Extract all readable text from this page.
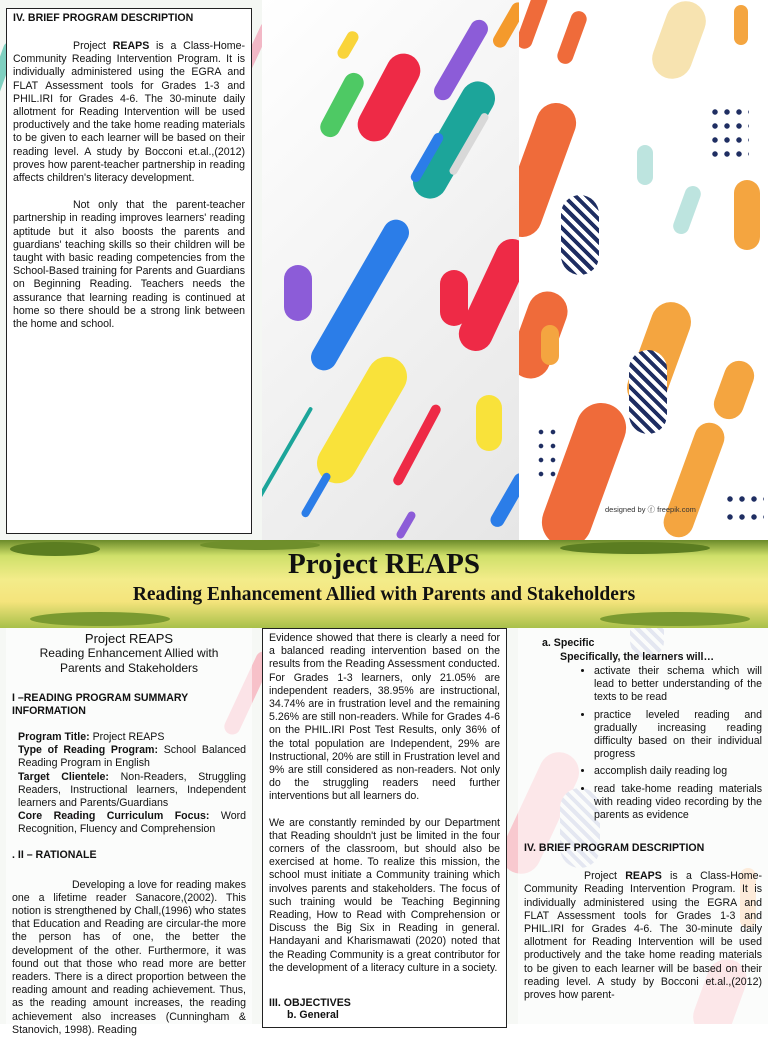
IV. BRIEF PROGRAM DESCRIPTION

Project REAPS is a Class-Home-Community Reading Intervention Program. It is individually administered using the EGRA and FLAT Assessment tools for Grades 1-3 and PHIL.IRI for Grades 4-6. The 30-minute daily allotment for Reading Intervention will be used productively and the take home reading materials to be given to each learner will be based on their reading level. A study by Bocconi et.al.,(2012) proves how parent-teacher partnership in reading affects children's literacy development.

Not only that the parent-teacher partnership in reading improves learners' reading aptitude but it also boosts the parents and guardians' teaching skills so their children will be taught with basic reading competencies from the School-Based training for Parents and Guardians on Beginning Reading. Teachers needs the assurance that learning reading is continued at home so there should be a strong link between the home and school.

designed by ⓕ freepik.com
Project REAPS
Reading Enhancement Allied with Parents and Stakeholders
Project REAPS
Reading Enhancement Allied with
Parents and Stakeholders

I –READING PROGRAM SUMMARY INFORMATION

Program Title: Project REAPS

Type of Reading Program: School Balanced Reading Program in English

Target Clientele: Non-Readers, Struggling Readers, Instructional learners, Independent learners and Parents/Guardians

Core Reading Curriculum Focus: Word Recognition, Fluency and Comprehension

. II – RATIONALE

Developing a love for reading makes one a lifetime reader Sanacore,(2002). This notion is strengthened by Chall,(1996) who states that Education and Reading are circular-the more the person has of one, the better the development of the other. Furthermore, it was found out that those who read more are better readers. There is a direct proportion between the reading amount and reading achievement. Thus, as the reading amount increases, the reading achievement also increases (Cunningham & Stanovich, 1998). Reading

Evidence showed that there is clearly a need for a balanced reading intervention based on the results from the Reading Assessment conducted. For Grades 1-3 learners, only 21.05% are independent readers, 38.95% are instructional, 34.74% are in frustration level and the remaining 5.26% are still non-readers. While for Grades 4-6 on the PHIL.IRI Post Test Results, only 36% of the total population are Independent, 29% are Instructional, 20% are still in Frustration level and 9% are still considered as non-readers. Not only do the struggling readers need further interventions but all learners do.

We are constantly reminded by our Department that Reading shouldn't just be limited in the four corners of the classroom, but should also be exercised at home. To realize this mission, the school must initiate a Community training which involves parents and stakeholders. The focus of such training would be Teaching Beginning Reading, How to Read with Comprehension or Discuss the Big Six in Reading in general. Handayani and Kharismawati (2020) noted that the Reading Community is a great contributor for the development of a literacy culture in a society.

III. OBJECTIVES

b. General

a. Specific

Specifically, the learners will…

• activate their schema which will lead to better understanding of the texts to be read
• practice leveled reading and gradually increasing reading difficulty based on their individual progress
• accomplish daily reading log
• read take-home reading materials with reading video recording by the parents as evidence

IV. BRIEF PROGRAM DESCRIPTION

Project REAPS is a Class-Home-Community Reading Intervention Program. It is individually administered using the EGRA and FLAT Assessment tools for Grades 1-3 and PHIL.IRI for Grades 4-6. The 30-minute daily allotment for Reading Intervention will be used productively and the take home reading materials to be given to each learner will be based on their reading level. A study by Bocconi et.al.,(2012) proves how parent-
